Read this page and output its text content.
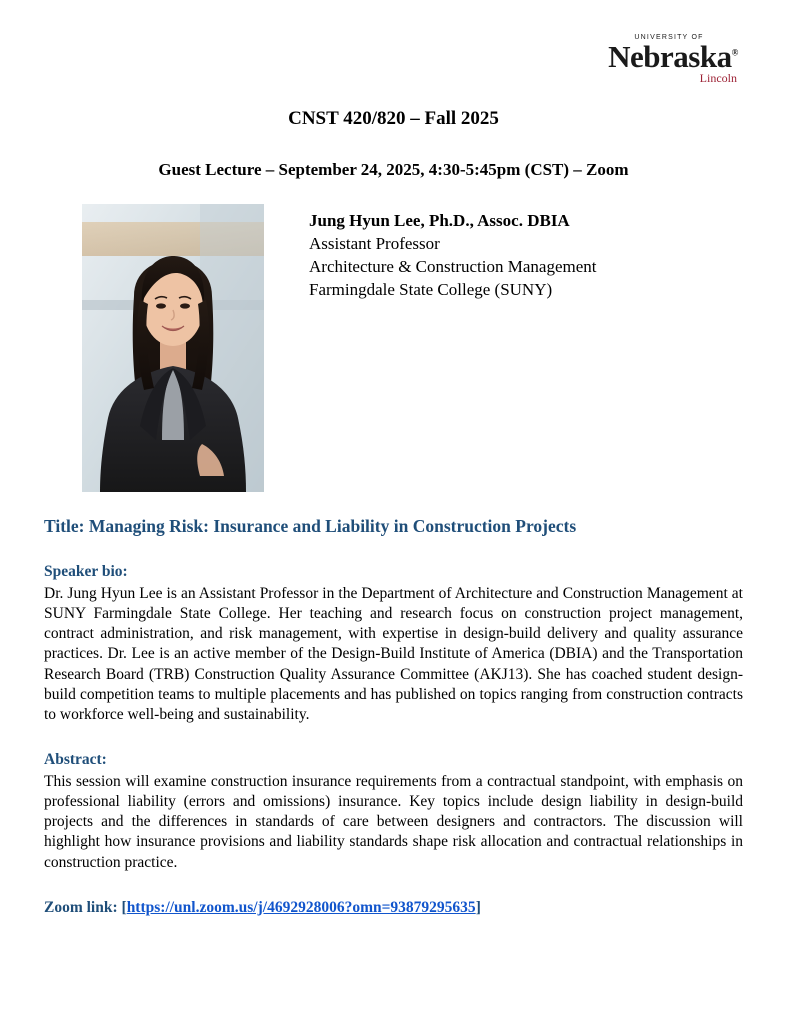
UNIVERSITY OF
Nebraska®
Lincoln
CNST 420/820 – Fall 2025
Guest Lecture – September 24, 2025, 4:30-5:45pm (CST) – Zoom
Jung Hyun Lee, Ph.D., Assoc. DBIA
Assistant Professor
Architecture & Construction Management
Farmingdale State College (SUNY)
Title: Managing Risk: Insurance and Liability in Construction Projects
Speaker bio:

Dr. Jung Hyun Lee is an Assistant Professor in the Department of Architecture and Construction Management at SUNY Farmingdale State College. Her teaching and research focus on construction project management, contract administration, and risk management, with expertise in design-build delivery and quality assurance practices. Dr. Lee is an active member of the Design-Build Institute of America (DBIA) and the Transportation Research Board (TRB) Construction Quality Assurance Committee (AKJ13). She has coached student design-build competition teams to multiple placements and has published on topics ranging from construction contracts to workforce well-being and sustainability.

Abstract:

This session will examine construction insurance requirements from a contractual standpoint, with emphasis on professional liability (errors and omissions) insurance. Key topics include design liability in design-build projects and the differences in standards of care between designers and contractors. The discussion will highlight how insurance provisions and liability standards shape risk allocation and contractual relationships in construction practice.

Zoom link: [https://unl.zoom.us/j/4692928006?omn=93879295635]
